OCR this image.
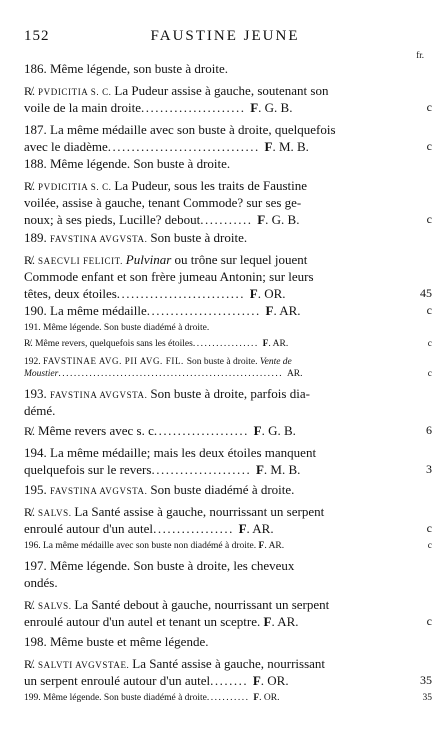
152	FAUSTINE JEUNE
fr.
186. Même légende, son buste à droite.
R̸. PVDICITIA S. C. La Pudeur assise à gauche, soutenant son
voile de la main droite...................... F. G. B.	c
187. La même médaille avec son buste à droite, quelquefois
avec le diadème................................ F. M. B.	c
188. Même légende. Son buste à droite.
R̸. PVDICITIA S. C. La Pudeur, sous les traits de Faustine
voilée, assise à gauche, tenant Commode? sur ses ge-
noux; à ses pieds, Lucille? debout........... F. G. B.	c
189. FAVSTINA AVGVSTA. Son buste à droite.
R̸. SAECVLI FELICIT. Pulvinar ou trône sur lequel jouent
Commode enfant et son frère jumeau Antonin; sur leurs
têtes, deux étoiles........................... F. OR.	45
190. La même médaille........................ F. AR.	c
191. Même légende. Son buste diadémé à droite.
R̸. Même revers, quelquefois sans les étoiles................. F. AR.	c
192. FAVSTINAE AVG. PII AVG. FIL. Son buste à droite. Vente de
Moustier.......................................................... AR.	c
193. FAVSTINA AVGVSTA. Son buste à droite, parfois dia-
démé.
R̸. Même revers avec s. c.................... F. G. B.	6
194. La même médaille; mais les deux étoiles manquent
quelquefois sur le revers..................... F. M. B.	3
195. FAVSTINA AVGVSTA. Son buste diadémé à droite.
R̸. SALVS. La Santé assise à gauche, nourrissant un serpent
enroulé autour d'un autel................. F. AR.	c
196. La même médaille avec son buste non diadémé à droite. F. AR.	c
197. Même légende. Son buste à droite, les cheveux
ondés.
R̸. SALVS. La Santé debout à gauche, nourrissant un serpent
enroulé autour d'un autel et tenant un sceptre. F. AR.	c
198. Même buste et même légende.
R̸. SALVTI AVGVSTAE. La Santé assise à gauche, nourrissant
un serpent enroulé autour d'un autel........ F. OR.	35
199. Même légende. Son buste diadémé à droite........... F. OR.	35
